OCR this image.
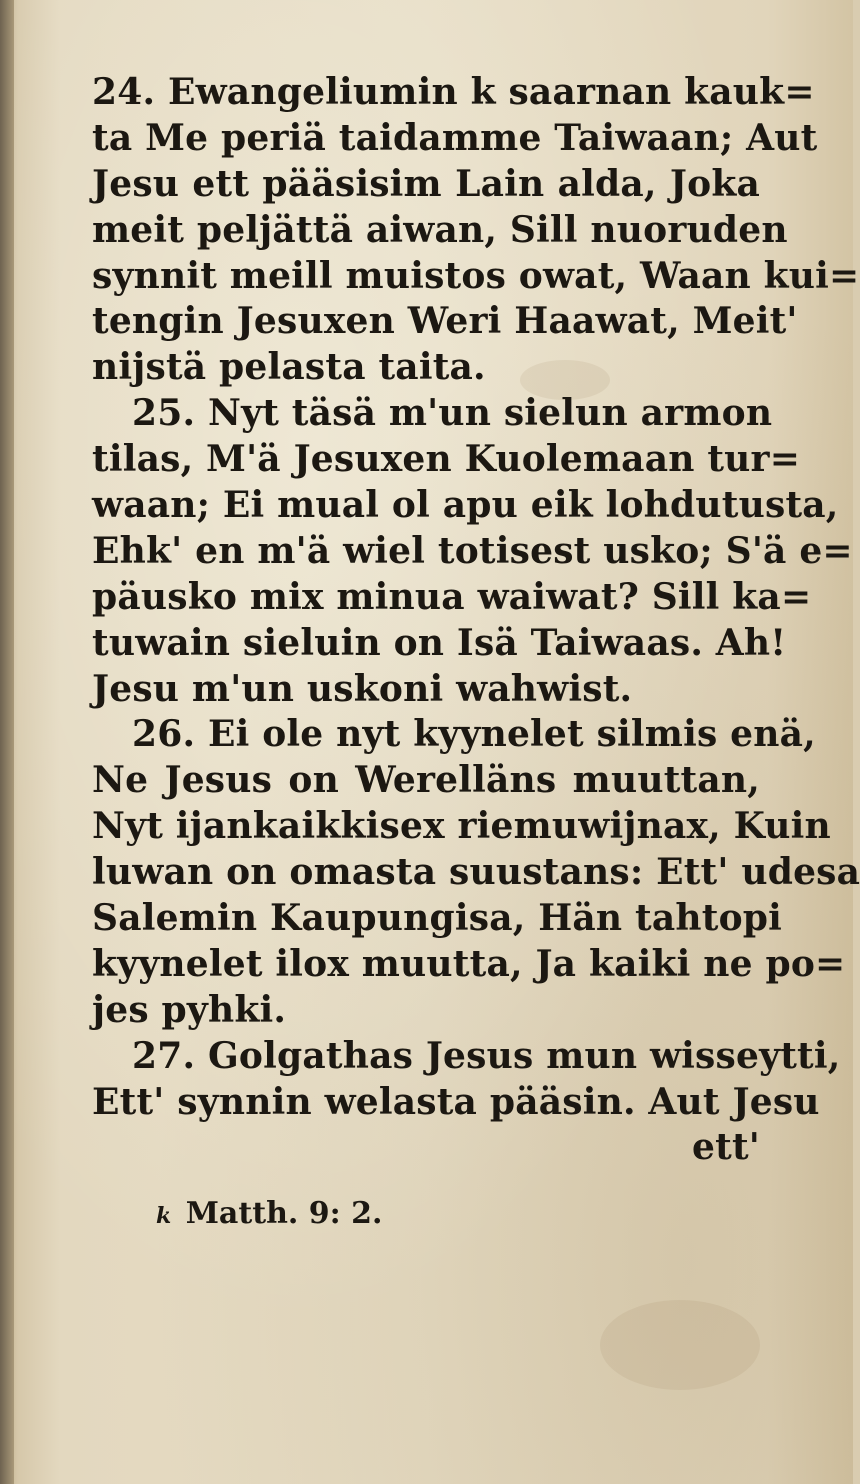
24. Ewangeliumin k saarnan kauk=
ta Me periä taidamme Taiwaan; Aut
Jesu ett pääsisim Lain alda, Joka
meit peljättä aiwan, Sill nuoruden
synnit meill muistos owat, Waan kui=
tengin Jesuxen Weri Haawat, Meit'
nijstä pelasta taita.
25. Nyt täsä m'un sielun armon
tilas, M'ä Jesuxen Kuolemaan tur=
waan; Ei mual ol apu eik lohdutusta,
Ehk' en m'ä wiel totisest usko; S'ä e=
päusko mix minua waiwat? Sill ka=
tuwain sieluin on Isä Taiwaas. Ah!
Jesu m'un uskoni wahwist.
26. Ei ole nyt kyynelet silmis enä,
Ne Jesus on Werelläns muuttan,
Nyt ijankaikkisex riemuwijnax, Kuin
luwan on omasta suustans: Ett' udesa
Salemin Kaupungisa, Hän tahtopi
kyynelet ilox muutta, Ja kaiki ne po=
jes pyhki.
27. Golgathas Jesus mun wisseytti,
Ett' synnin welasta pääsin. Aut Jesu
ett'
k Matth. 9: 2.
